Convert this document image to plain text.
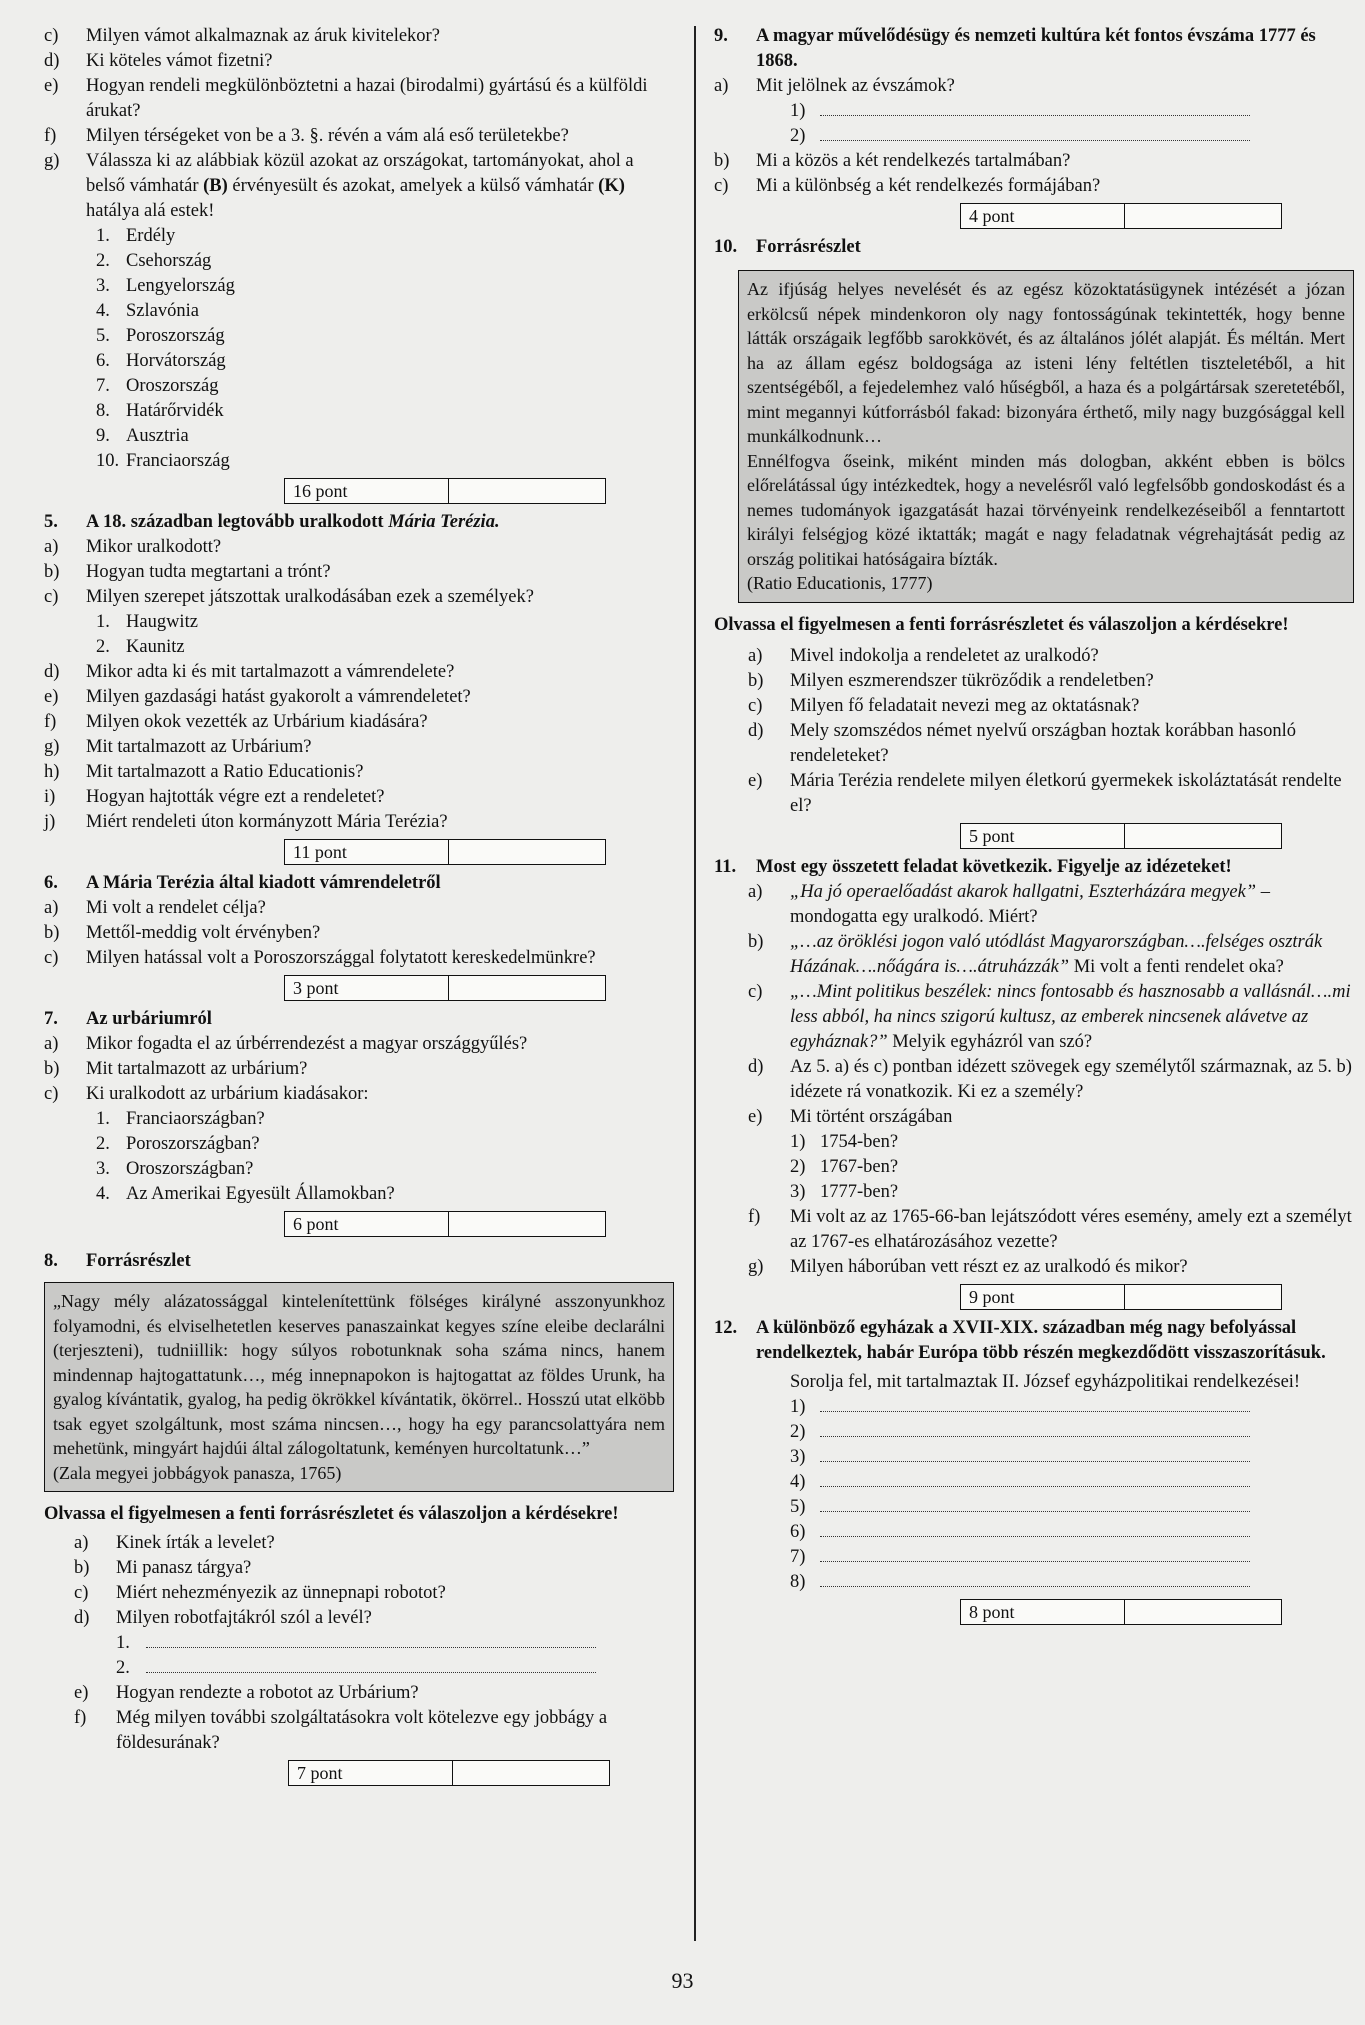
c) Milyen vámot alkalmaznak az áruk kivitelekor?
d) Ki köteles vámot fizetni?
e) Hogyan rendeli megkülönböztetni a hazai (birodalmi) gyártású és a külföldi árukat?
f) Milyen térségeket von be a 3. §. révén a vám alá eső területekbe?
g) Válassza ki az alábbiak közül azokat az országokat, tartományokat, ahol a belső vámhatár (B) érvényesült és azokat, amelyek a külső vámhatár (K) hatálya alá estek!
1. Erdély
2. Csehország
3. Lengyelország
4. Szlavónia
5. Poroszország
6. Horvátország
7. Oroszország
8. Határőrvidék
9. Ausztria
10. Franciaország
16 pont
5. A 18. században legtovább uralkodott Mária Terézia.
a) Mikor uralkodott?
b) Hogyan tudta megtartani a trónt?
c) Milyen szerepet játszottak uralkodásában ezek a személyek?
1. Haugwitz
2. Kaunitz
d) Mikor adta ki és mit tartalmazott a vámrendelete?
e) Milyen gazdasági hatást gyakorolt a vámrendeletet?
f) Milyen okok vezették az Urbárium kiadására?
g) Mit tartalmazott az Urbárium?
h) Mit tartalmazott a Ratio Educationis?
i) Hogyan hajtották végre ezt a rendeletet?
j) Miért rendeleti úton kormányzott Mária Terézia?
11 pont
6. A Mária Terézia által kiadott vámrendeletről
a) Mi volt a rendelet célja?
b) Mettől-meddig volt érvényben?
c) Milyen hatással volt a Poroszországgal folytatott kereskedelmünkre?
3 pont
7. Az urbáriumról
a) Mikor fogadta el az úrbérrendezést a magyar országgyűlés?
b) Mit tartalmazott az urbárium?
c) Ki uralkodott az urbárium kiadásakor:
1. Franciaországban?
2. Poroszországban?
3. Oroszországban?
4. Az Amerikai Egyesült Államokban?
6 pont
8. Forrásrészlet
„Nagy mély alázatossággal kintelenítettünk fölséges királyné asszonyunkhoz folyamodni, és elviselhetetlen keserves panaszainkat kegyes színe eleibe declarálni (terjeszteni), tudniillik: hogy súlyos robotunknak soha száma nincs, hanem mindennap hajtogattatunk…, még innepnapokon is hajtogattat az földes Urunk, ha gyalog kívántatik, gyalog, ha pedig ökrökkel kívántatik, ökörrel.. Hosszú utat elköbb tsak egyet szolgáltunk, most száma nincsen…, hogy ha egy parancsolattyára nem mehetünk, mingyárt hajdúi által zálogoltatunk, keményen hurcoltatunk…”
(Zala megyei jobbágyok panasza, 1765)
Olvassa el figyelmesen a fenti forrásrészletet és válaszoljon a kérdésekre!
a) Kinek írták a levelet?
b) Mi panasz tárgya?
c) Miért nehezményezik az ünnepnapi robotot?
d) Milyen robotfajtákról szól a levél?
1.
2.
e) Hogyan rendezte a robotot az Urbárium?
f) Még milyen további szolgáltatásokra volt kötelezve egy jobbágy a földesurának?
7 pont
9. A magyar művelődésügy és nemzeti kultúra két fontos évszáma 1777 és 1868.
a) Mit jelölnek az évszámok?
1)
2)
b) Mi a közös a két rendelkezés tartalmában?
c) Mi a különbség a két rendelkezés formájában?
4 pont
10. Forrásrészlet
Az ifjúság helyes nevelését és az egész közoktatásügynek intézését a józan erkölcsű népek mindenkoron oly nagy fontosságúnak tekintették, hogy benne látták országaik legfőbb sarokkövét, és az általános jólét alapját. És méltán. Mert ha az állam egész boldogsága az isteni lény feltétlen tiszteletéből, a hit szentségéből, a fejedelemhez való hűségből, a haza és a polgártársak szeretetéből, mint megannyi kútforrásból fakad: bizonyára érthető, mily nagy buzgósággal kell munkálkodnunk…
Ennélfogva őseink, miként minden más dologban, akként ebben is bölcs előrelátással úgy intézkedtek, hogy a nevelésről való legfelsőbb gondoskodást és a nemes tudományok igazgatását hazai törvényeink rendelkezéseiből a fenntartott királyi felségjog közé iktatták; magát e nagy feladatnak végrehajtását pedig az ország politikai hatóságaira bízták.
(Ratio Educationis, 1777)
Olvassa el figyelmesen a fenti forrásrészletet és válaszoljon a kérdésekre!
a) Mivel indokolja a rendeletet az uralkodó?
b) Milyen eszmerendszer tükröződik a rendeletben?
c) Milyen fő feladatait nevezi meg az oktatásnak?
d) Mely szomszédos német nyelvű országban hoztak korábban hasonló rendeleteket?
e) Mária Terézia rendelete milyen életkorú gyermekek iskoláztatását rendelte el?
5 pont
11. Most egy összetett feladat következik. Figyelje az idézeteket!
a) „Ha jó operaelőadást akarok hallgatni, Eszterházára megyek” – mondogatta egy uralkodó. Miért?
b) „…az öröklési jogon való utódlást Magyarországban….felséges osztrák Házának….nőágára is….átruházzák” Mi volt a fenti rendelet oka?
c) „…Mint politikus beszélek: nincs fontosabb és hasznosabb a vallásnál….mi less abból, ha nincs szigorú kultusz, az emberek nincsenek alávetve az egyháznak?” Melyik egyházról van szó?
d) Az 5. a) és c) pontban idézett szövegek egy személytől származnak, az 5. b) idézete rá vonatkozik. Ki ez a személy?
e) Mi történt országában
1) 1754-ben?
2) 1767-ben?
3) 1777-ben?
f) Mi volt az az 1765-66-ban lejátszódott véres esemény, amely ezt a személyt az 1767-es elhatározásához vezette?
g) Milyen háborúban vett részt ez az uralkodó és mikor?
9 pont
12. A különböző egyházak a XVII-XIX. században még nagy befolyással rendelkeztek, habár Európa több részén megkezdődött visszaszorításuk.
Sorolja fel, mit tartalmaztak II. József egyházpolitikai rendelkezései!
1)
2)
3)
4)
5)
6)
7)
8)
8 pont
93
